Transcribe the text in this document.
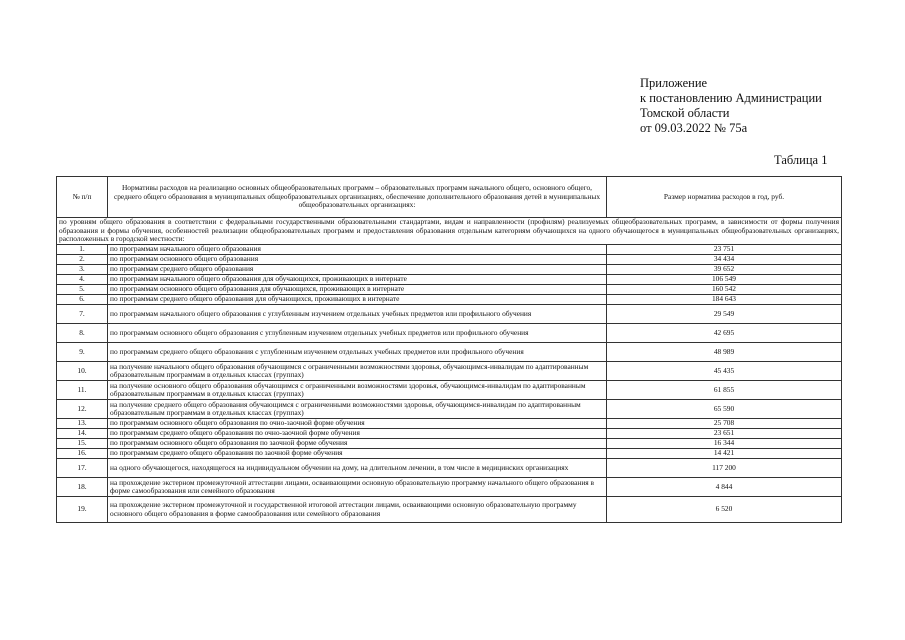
Приложение
к постановлению Администрации
Томской области
от 09.03.2022 № 75а
Таблица 1
№ п/п	Нормативы расходов на реализацию основных общеобразовательных программ – образовательных программ начального общего, основного общего, среднего общего образования в муниципальных общеобразовательных организациях, обеспечение дополнительного образования детей в муниципальных общеобразовательных организациях:	Размер норматива расходов в год, руб.
по уровням общего образования в соответствии с федеральными государственными образовательными стандартами, видам и направленности (профилям) реализуемых общеобразовательных программ, в зависимости от формы получения образования и формы обучения, особенностей реализации общеобразовательных программ и предоставления образования отдельным категориям обучающихся на одного обучающегося в муниципальных общеобразовательных организациях, расположенных в городской местности:		
1.	по программам начального общего образования	23 751
2.	по программам основного общего образования	34 434
3.	по программам среднего общего образования	39 652
4.	по программам начального общего образования для обучающихся, проживающих в интернате	106 549
5.	по программам основного общего образования для обучающихся, проживающих в интернате	160 542
6.	по программам среднего общего образования для обучающихся, проживающих в интернате	184 643
7.	по программам начального общего образования с углубленным изучением отдельных учебных предметов или профильного обучения	29 549
8.	по программам основного общего образования с углубленным изучением отдельных учебных предметов или профильного обучения	42 695
9.	по программам среднего общего образования с углубленным изучением отдельных учебных предметов или профильного обучения	48 989
10.	на получение начального общего образования обучающимся с ограниченными возможностями здоровья, обучающимся-инвалидам по адаптированным образовательным программам в отдельных классах (группах)	45 435
11.	на получение основного общего образования обучающимся с ограниченными возможностями здоровья, обучающимся-инвалидам по адаптированным образовательным программам в отдельных классах (группах)	61 855
12.	на получение среднего общего образования обучающимся с ограниченными возможностями здоровья, обучающимся-инвалидам по адаптированным образовательным программам в отдельных классах (группах)	65 590
13.	по программам основного общего образования по очно-заочной форме обучения	25 708
14.	по программам среднего общего образования по очно-заочной форме обучения	23 651
15.	по программам основного общего образования по заочной форме обучения	16 344
16.	по программам среднего общего образования по заочной форме обучения	14 421
17.	на одного обучающегося, находящегося на индивидуальном обучении на дому, на длительном лечении, в том числе в медицинских организациях	117 200
18.	на прохождение экстерном промежуточной аттестации лицами, осваивающими основную образовательную программу начального общего образования в форме самообразования или семейного образования	4 844
19.	на прохождение экстерном промежуточной и государственной итоговой аттестации лицами, осваивающими основную образовательную программу основного общего образования в форме самообразования или семейного образования	6 520
